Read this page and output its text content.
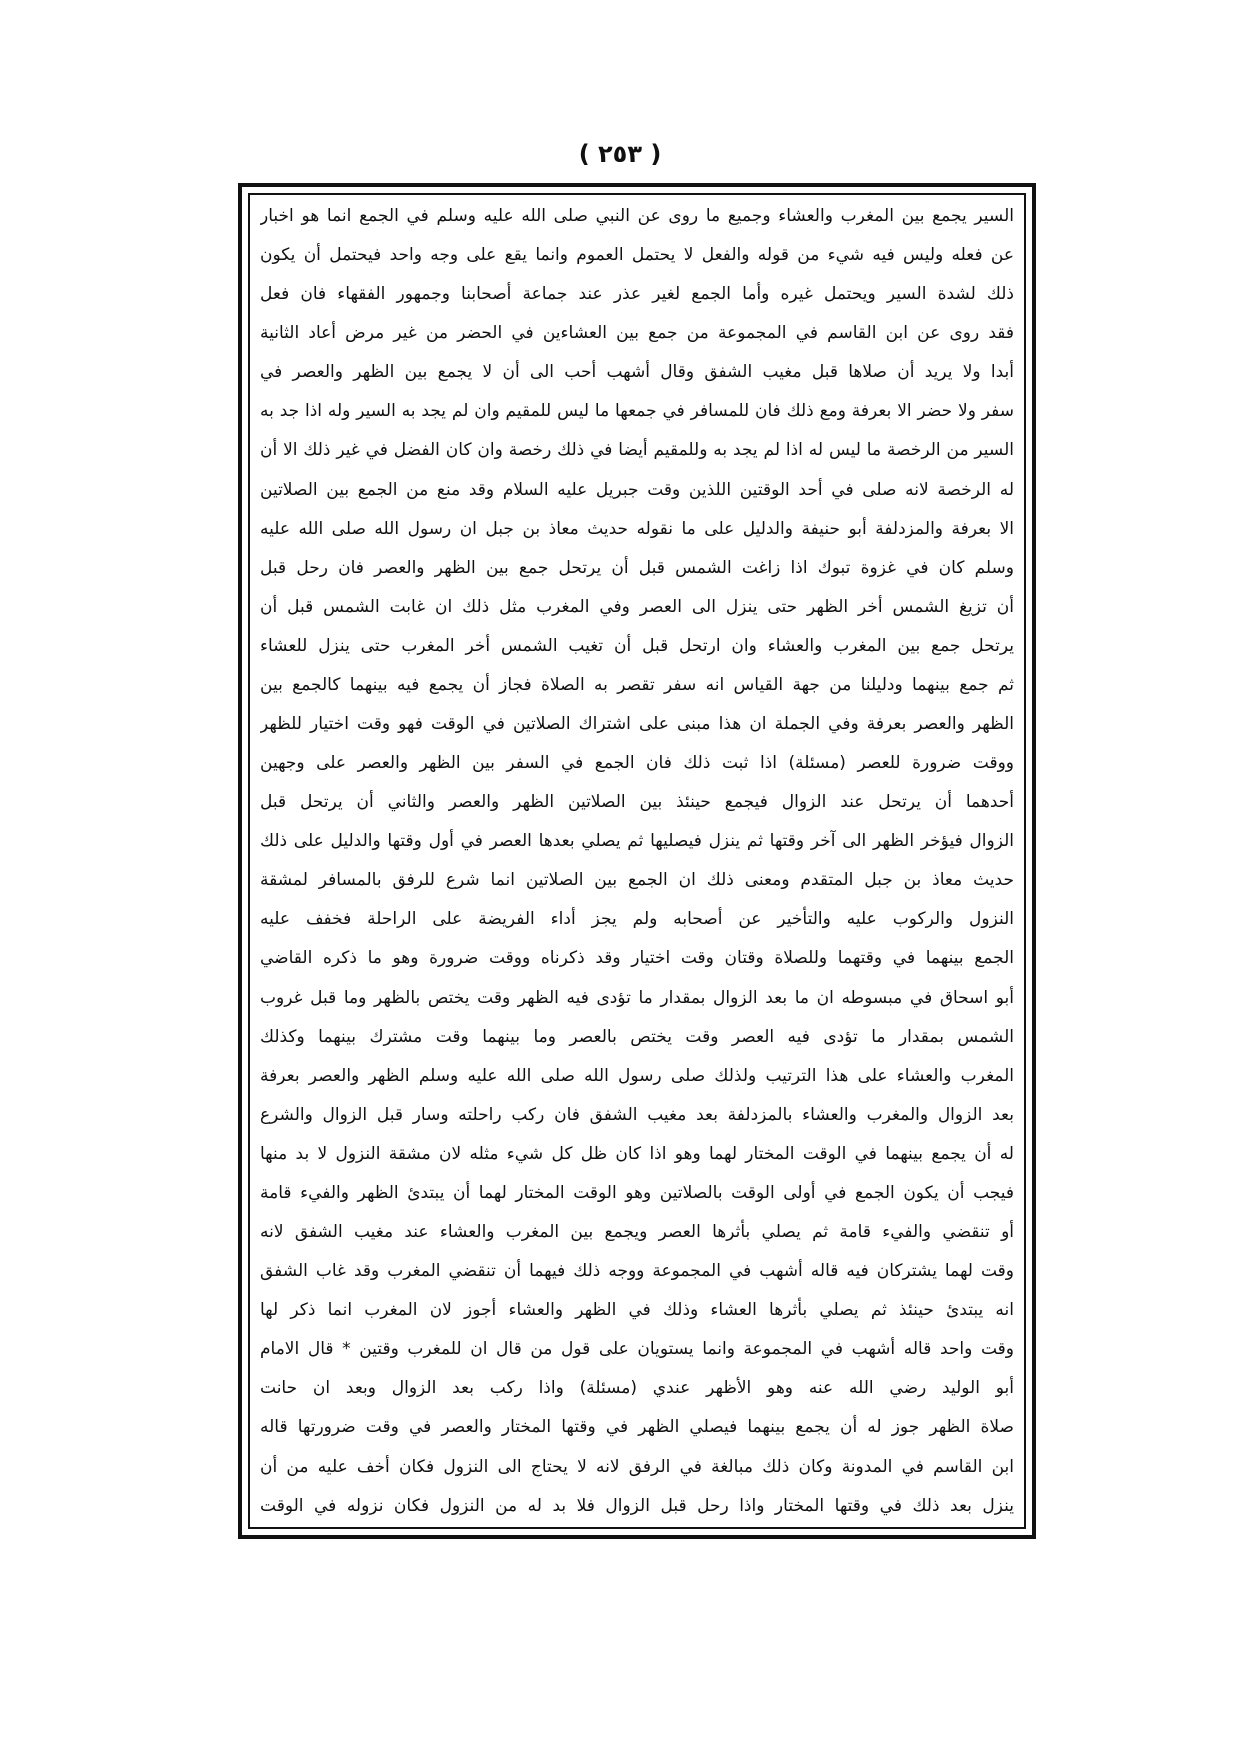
( ٢٥٣ )
السير يجمع بين المغرب والعشاء وجميع ما روى عن النبي صلى الله عليه وسلم في الجمع انما هو اخبار
عن فعله وليس فيه شيء من قوله والفعل لا يحتمل العموم وانما يقع على وجه واحد فيحتمل أن يكون
ذلك لشدة السير ويحتمل غيره وأما الجمع لغير عذر عند جماعة أصحابنا وجمهور الفقهاء فان فعل
فقد روى عن ابن القاسم في المجموعة من جمع بين العشاءين في الحضر من غير مرض أعاد الثانية
أبدا ولا يريد أن صلاها قبل مغيب الشفق وقال أشهب أحب الى أن لا يجمع بين الظهر والعصر في
سفر ولا حضر الا بعرفة ومع ذلك فان للمسافر في جمعها ما ليس للمقيم وان لم يجد به السير وله اذا جد به
السير من الرخصة ما ليس له اذا لم يجد به وللمقيم أيضا في ذلك رخصة وان كان الفضل في غير ذلك الا أن
له الرخصة لانه صلى في أحد الوقتين اللذين وقت جبريل عليه السلام وقد منع من الجمع بين الصلاتين
الا بعرفة والمزدلفة أبو حنيفة والدليل على ما نقوله حديث معاذ بن جبل ان رسول الله صلى الله عليه
وسلم كان في غزوة تبوك اذا زاغت الشمس قبل أن يرتحل جمع بين الظهر والعصر فان رحل قبل
أن تزيغ الشمس أخر الظهر حتى ينزل الى العصر وفي المغرب مثل ذلك ان غابت الشمس قبل أن
يرتحل جمع بين المغرب والعشاء وان ارتحل قبل أن تغيب الشمس أخر المغرب حتى ينزل للعشاء
ثم جمع بينهما ودليلنا من جهة القياس انه سفر تقصر به الصلاة فجاز أن يجمع فيه بينهما كالجمع بين
الظهر والعصر بعرفة وفي الجملة ان هذا مبنى على اشتراك الصلاتين في الوقت فهو وقت اختيار للظهر
ووقت ضرورة للعصر (مسئلة) اذا ثبت ذلك فان الجمع في السفر بين الظهر والعصر على وجهين
أحدهما أن يرتحل عند الزوال فيجمع حينئذ بين الصلاتين الظهر والعصر والثاني أن يرتحل قبل
الزوال فيؤخر الظهر الى آخر وقتها ثم ينزل فيصليها ثم يصلي بعدها العصر في أول وقتها والدليل على ذلك
حديث معاذ بن جبل المتقدم ومعنى ذلك ان الجمع بين الصلاتين انما شرع للرفق بالمسافر لمشقة
النزول والركوب عليه والتأخير عن أصحابه ولم يجز أداء الفريضة على الراحلة فخفف عليه
الجمع بينهما في وقتهما وللصلاة وقتان وقت اختيار وقد ذكرناه ووقت ضرورة وهو ما ذكره القاضي
أبو اسحاق في مبسوطه ان ما بعد الزوال بمقدار ما تؤدى فيه الظهر وقت يختص بالظهر وما قبل غروب
الشمس بمقدار ما تؤدى فيه العصر وقت يختص بالعصر وما بينهما وقت مشترك بينهما وكذلك
المغرب والعشاء على هذا الترتيب ولذلك صلى رسول الله صلى الله عليه وسلم الظهر والعصر بعرفة
بعد الزوال والمغرب والعشاء بالمزدلفة بعد مغيب الشفق فان ركب راحلته وسار قبل الزوال والشرع
له أن يجمع بينهما في الوقت المختار لهما وهو اذا كان ظل كل شيء مثله لان مشقة النزول لا بد منها
فيجب أن يكون الجمع في أولى الوقت بالصلاتين وهو الوقت المختار لهما أن يبتدئ الظهر والفيء قامة
أو تنقضي والفيء قامة ثم يصلي بأثرها العصر ويجمع بين المغرب والعشاء عند مغيب الشفق لانه
وقت لهما يشتركان فيه قاله أشهب في المجموعة ووجه ذلك فيهما أن تنقضي المغرب وقد غاب الشفق
انه يبتدئ حينئذ ثم يصلي بأثرها العشاء وذلك في الظهر والعشاء أجوز لان المغرب انما ذكر لها
وقت واحد قاله أشهب في المجموعة وانما يستويان على قول من قال ان للمغرب وقتين * قال الامام
أبو الوليد رضي الله عنه وهو الأظهر عندي (مسئلة) واذا ركب بعد الزوال وبعد ان حانت
صلاة الظهر جوز له أن يجمع بينهما فيصلي الظهر في وقتها المختار والعصر في وقت ضرورتها قاله
ابن القاسم في المدونة وكان ذلك مبالغة في الرفق لانه لا يحتاج الى النزول فكان أخف عليه من أن
ينزل بعد ذلك في وقتها المختار واذا رحل قبل الزوال فلا بد له من النزول فكان نزوله في الوقت
